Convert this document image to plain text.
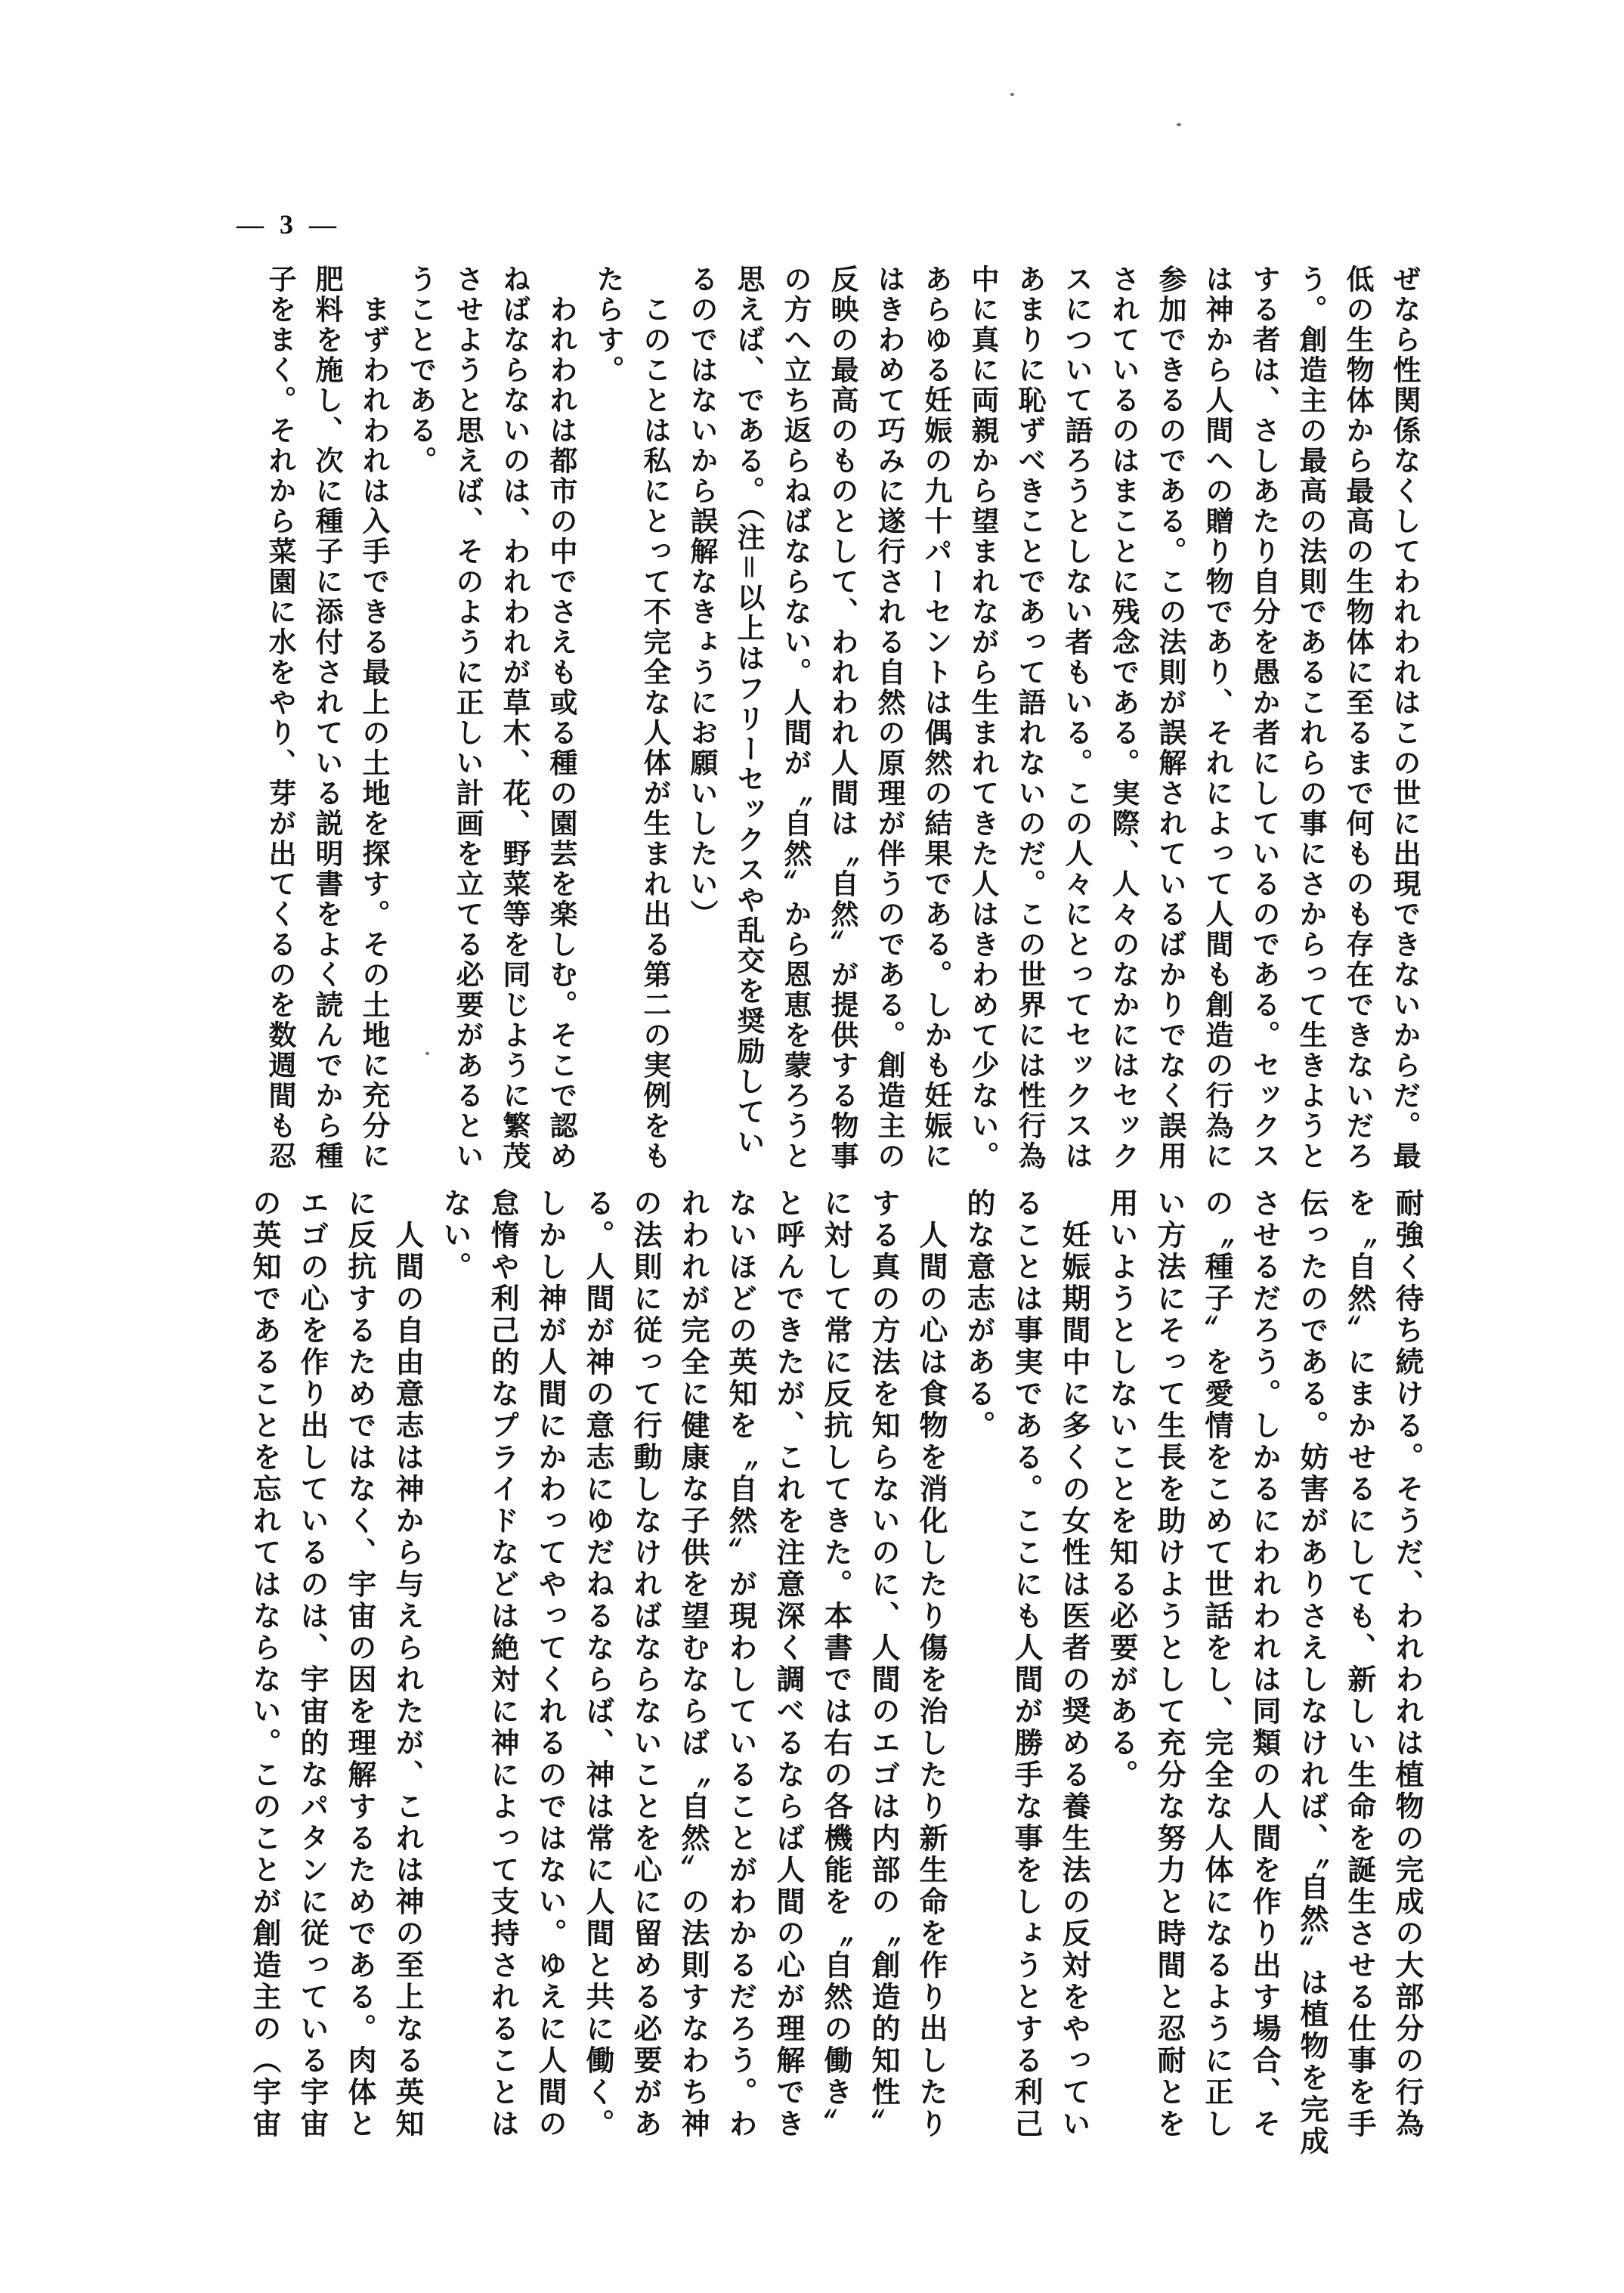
— 3 —
ぜなら性関係なくしてわれわれはこの世に出現できないからだ。最
低の生物体から最高の生物体に至るまで何ものも存在できないだろ
う。創造主の最高の法則であるこれらの事にさからって生きようと
する者は、さしあたり自分を愚か者にしているのである。セックス
は神から人間への贈り物であり、それによって人間も創造の行為に
参加できるのである。この法則が誤解されているばかりでなく誤用
されているのはまことに残念である。実際、人々のなかにはセック
スについて語ろうとしない者もいる。この人々にとってセックスは
あまりに恥ずべきことであって語れないのだ。この世界には性行為
中に真に両親から望まれながら生まれてきた人はきわめて少ない。
あらゆる妊娠の九十パーセントは偶然の結果である。しかも妊娠に
はきわめて巧みに遂行される自然の原理が伴うのである。創造主の
反映の最高のものとして、われわれ人間は〝自然〞が提供する物事
の方へ立ち返らねばならない。人間が〝自然〞から恩恵を蒙ろうと
思えば、である。（注＝以上はフリーセックスや乱交を奨励してい
るのではないから誤解なきょうにお願いしたい）
　このことは私にとって不完全な人体が生まれ出る第二の実例をも
たらす。
　われわれは都市の中でさえも或る種の園芸を楽しむ。そこで認め
ねばならないのは、われわれが草木、花、野菜等を同じように繁茂
させようと思えば、そのように正しい計画を立てる必要があるとい
うことである。
　まずわれわれは入手できる最上の土地を探す。その土地に充分に
肥料を施し、次に種子に添付されている説明書をよく読んでから種
子をまく。それから菜園に水をやり、芽が出てくるのを数週間も忍
耐強く待ち続ける。そうだ、われわれは植物の完成の大部分の行為
を〝自然〞にまかせるにしても、新しい生命を誕生させる仕事を手
伝ったのである。妨害がありさえしなければ、〝自然〞は植物を完成
させるだろう。しかるにわれわれは同類の人間を作り出す場合、そ
の〝種子〞を愛情をこめて世話をし、完全な人体になるように正し
い方法にそって生長を助けようとして充分な努力と時間と忍耐とを
用いようとしないことを知る必要がある。
　妊娠期間中に多くの女性は医者の奨める養生法の反対をやってい
ることは事実である。ここにも人間が勝手な事をしょうとする利己
的な意志がある。
　人間の心は食物を消化したり傷を治したり新生命を作り出したり
する真の方法を知らないのに、人間のエゴは内部の〝創造的知性〞
に対して常に反抗してきた。本書では右の各機能を〝自然の働き〞
と呼んできたが、これを注意深く調べるならば人間の心が理解でき
ないほどの英知を〝自然〞が現わしていることがわかるだろう。わ
れわれが完全に健康な子供を望むならば〝自然〞の法則すなわち神
の法則に従って行動しなければならないことを心に留める必要があ
る。人間が神の意志にゆだねるならば、神は常に人間と共に働く。
しかし神が人間にかわってやってくれるのではない。ゆえに人間の
怠惰や利己的なプライドなどは絶対に神によって支持されることは
ない。
　人間の自由意志は神から与えられたが、これは神の至上なる英知
に反抗するためではなく、宇宙の因を理解するためである。肉体と
エゴの心を作り出しているのは、宇宙的なパタンに従っている宇宙
の英知であることを忘れてはならない。このことが創造主の（宇宙
